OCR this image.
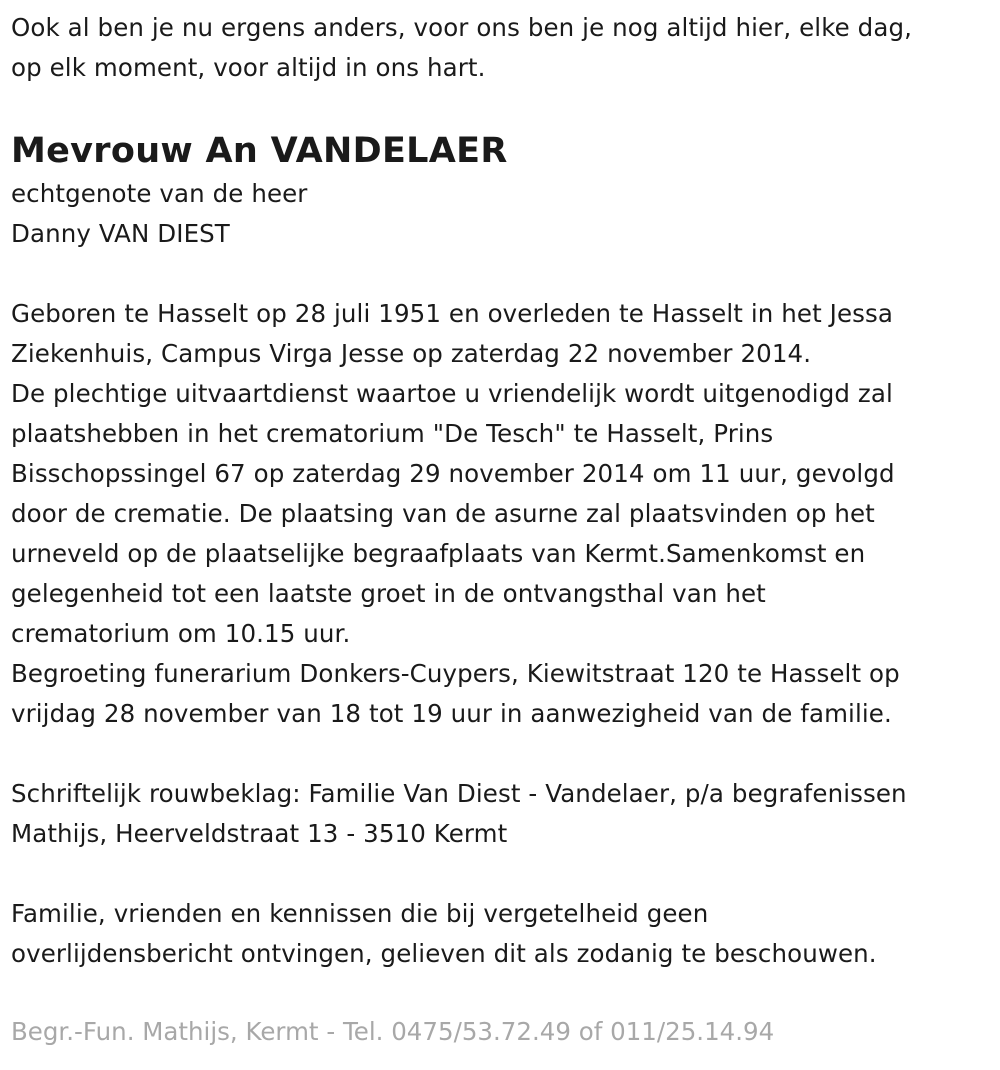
Ook al ben je nu ergens anders, voor ons ben je nog altijd hier, elke dag,
op elk moment, voor altijd in ons hart.
Mevrouw An VANDELAER
echtgenote van de heer
Danny VAN DIEST
Geboren te Hasselt op 28 juli 1951 en overleden te Hasselt in het Jessa
Ziekenhuis, Campus Virga Jesse op zaterdag 22 november 2014.
De plechtige uitvaartdienst waartoe u vriendelijk wordt uitgenodigd zal
plaatshebben in het crematorium "De Tesch" te Hasselt, Prins
Bisschopssingel 67 op zaterdag 29 november 2014 om 11 uur, gevolgd
door de crematie. De plaatsing van de asurne zal plaatsvinden op het
urneveld op de plaatselijke begraafplaats van Kermt.Samenkomst en
gelegenheid tot een laatste groet in de ontvangsthal van het
crematorium om 10.15 uur.
Begroeting funerarium Donkers-Cuypers, Kiewitstraat 120 te Hasselt op
vrijdag 28 november van 18 tot 19 uur in aanwezigheid van de familie.
Schriftelijk rouwbeklag: Familie Van Diest - Vandelaer, p/a begrafenissen
Mathijs, Heerveldstraat 13 - 3510 Kermt
Familie, vrienden en kennissen die bij vergetelheid geen
overlijdensbericht ontvingen, gelieven dit als zodanig te beschouwen.
Begr.-Fun. Mathijs, Kermt - Tel. 0475/53.72.49 of 011/25.14.94
